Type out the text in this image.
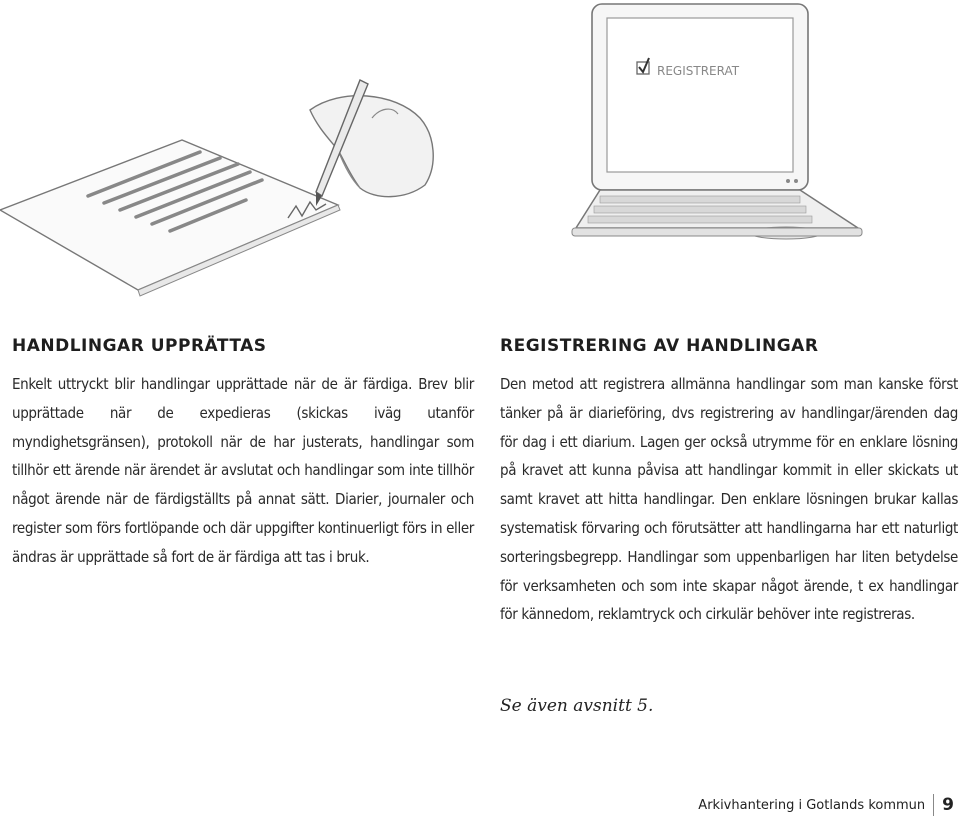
REGISTRERAT
HANDLINGAR UPPRÄTTAS

Enkelt uttryckt blir handlingar upprättade när de är färdiga. Brev blir upprättade när de expedieras (skickas iväg utanför myndighetsgränsen), protokoll när de har justerats, handlingar som tillhör ett ärende när ärendet är avslutat och handlingar som inte tillhör något ärende när de färdigställts på annat sätt. Diarier, journaler och register som förs fortlöpande och där uppgifter kontinuerligt förs in eller ändras är upprättade så fort de är färdiga att tas i bruk.

REGISTRERING AV HANDLINGAR

Den metod att registrera allmänna handlingar som man kanske först tänker på är diarieföring, dvs registrering av handlingar/ärenden dag för dag i ett diarium. Lagen ger också utrymme för en enklare lösning på kravet att kunna påvisa att handlingar kommit in eller skickats ut samt kravet att hitta handlingar. Den enklare lösningen brukar kallas systematisk förvaring och förutsätter att handlingarna har ett naturligt sorteringsbegrepp. Handlingar som uppenbarligen har liten betydelse för verksamheten och som inte skapar något ärende, t ex handlingar för kännedom, reklamtryck och cirkulär behöver inte registreras.

Se även avsnitt 5.
Arkivhantering i Gotlands kommun 9
